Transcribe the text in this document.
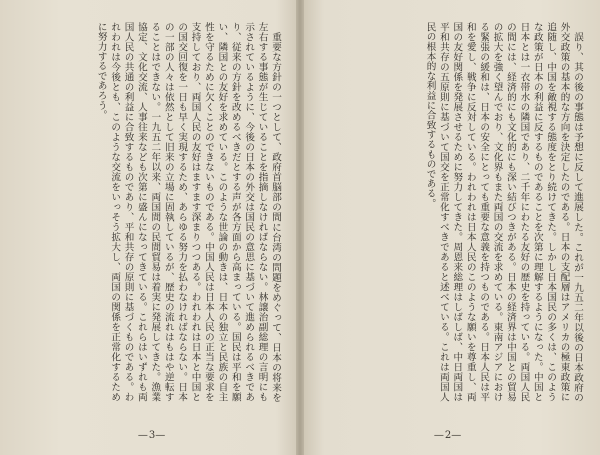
重要な方針の一つとして、政府首脳部の間に台湾の問題をめぐって、日本の将来を左右する事態が生じていることを指摘しなければならない。林譲治副総理の言明にも示されているように、今後の日本の外交は国民の意思に基づいて進められるべきであり、従来の方針を改めるべきだとする声が各方面から高まっている。国民は平和を願い、隣国との友好を求めている。このような世論の動きは、日本の独立と民族の自主性を守るために欠くことのできないものである。中国人民は日本人民の正当な要求を支持しており、両国人民の友好はますます深まりつつある。われわれは日本と中国との国交回復を一日も早く実現するため、あらゆる努力を払わなければならない。日本の一部の人々は依然として旧来の立場に固執しているが、歴史の流れはもはや逆転することはできない。一九五二年以来、両国間の民間貿易は着実に発展してきた。漁業協定、文化交流、人事往来なども次第に盛んになってきている。これらはいずれも両国人民の共通の利益に合致するものであり、平和共存の原則に基づくものである。われわれは今後とも、このような交流をいっそう拡大し、両国の関係を正常化するために努力するであろう。

—3—

誤り、其の後の事態は予想に反して進展した。これが一九五二年以後の日本政府の外交政策の基本的な方向を決定したのである。日本の支配層はアメリカの極東政策に追随し、中国を敵視する態度をとり続けてきた。しかし日本国民の多くは、このような政策が日本の利益に反するものであることを次第に理解するようになった。中国と日本とは一衣帯水の隣国であり、二千年にわたる友好の歴史を持っている。両国人民の間には、経済的にも文化的にも深い結びつきがある。日本の経済界は中国との貿易の拡大を強く望んでおり、文化界もまた両国の交流を求めている。東南アジアにおける緊張の緩和は、日本の安全にとっても重要な意義を持つものである。日本人民は平和を愛し、戦争に反対している。われわれは日本人民のこのような願いを尊重し、両国の友好関係を発展させるために努力してきた。周恩来総理はしばしば、中日両国は平和共存の五原則に基づいて国交を正常化すべきであると述べている。これは両国人民の根本的な利益に合致するものである。

—2—
